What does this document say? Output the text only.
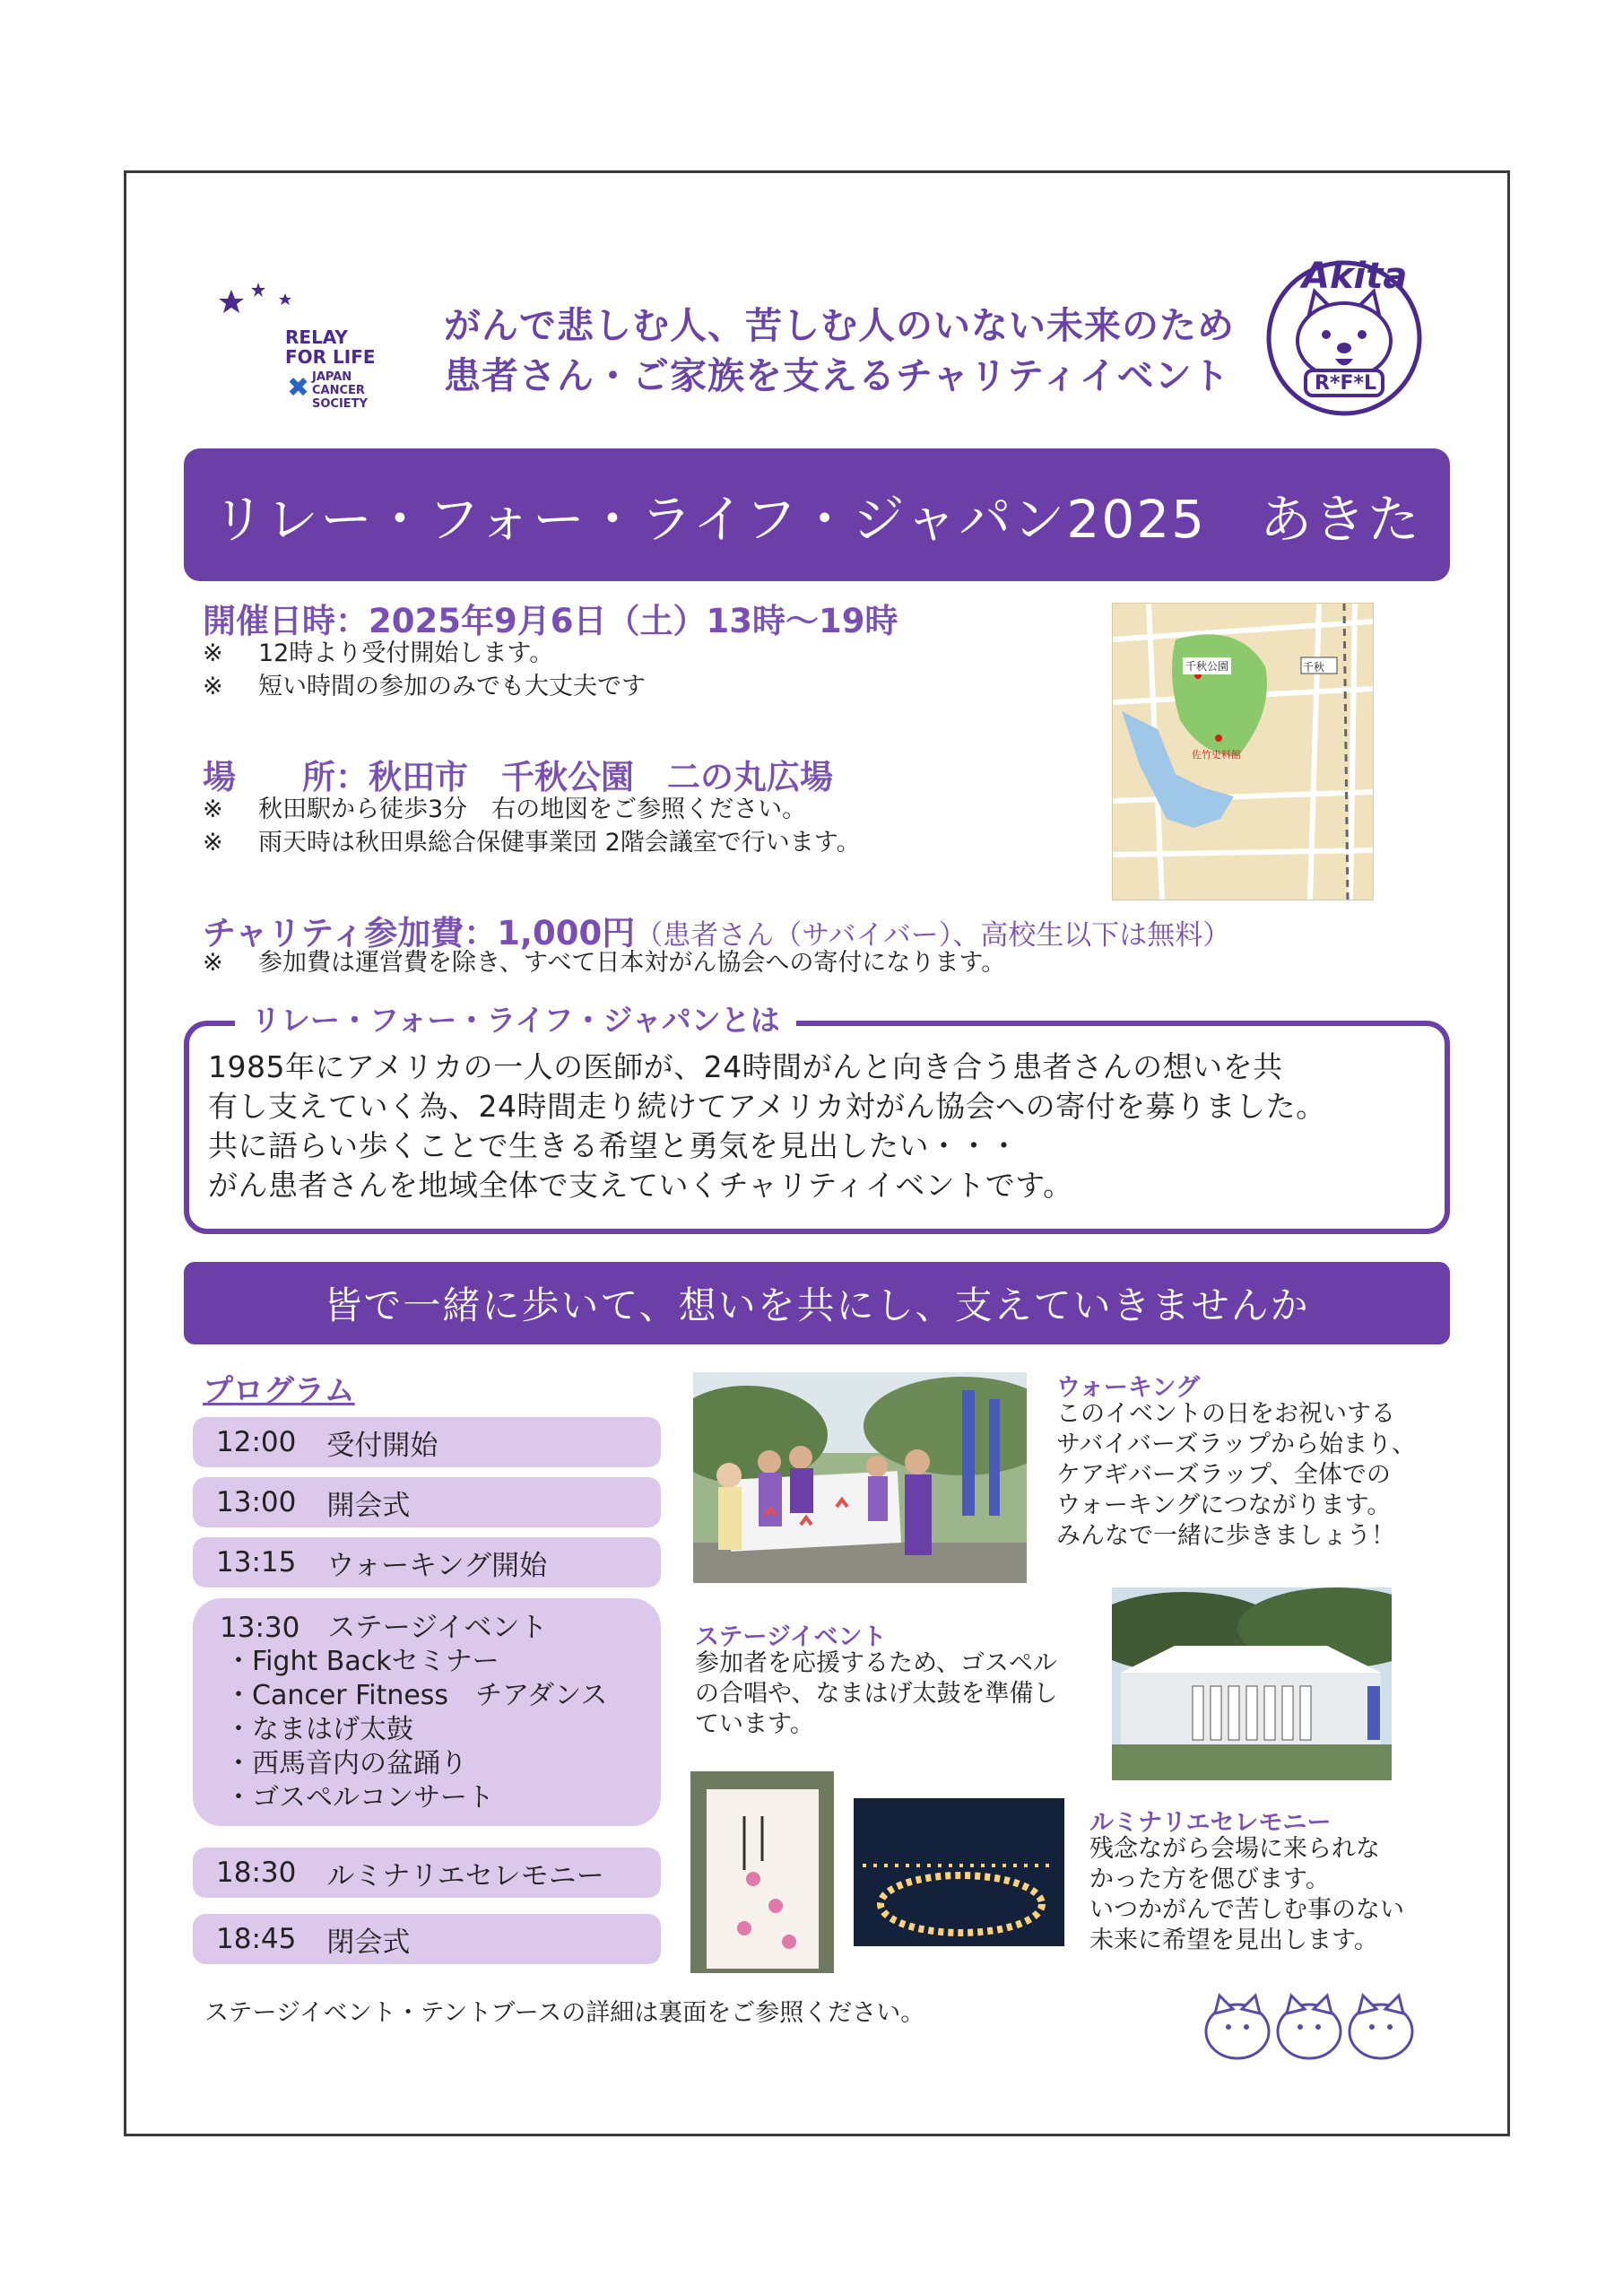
RELAY
FOR LIFE
JAPAN
CANCER
SOCIETY
✖
がんで悲しむ人、苦しむ人のいない未来のため
患者さん・ご家族を支えるチャリティイベント
Akita
R*F*L
リレー・フォー・ライフ・ジャパン2025　あきた
開催日時：2025年9月6日（土）13時～19時
※ 12時より受付開始します。
※ 短い時間の参加のみでも大丈夫です
場　　所：秋田市　千秋公園　二の丸広場
※ 秋田駅から徒歩3分　右の地図をご参照ください。
※ 雨天時は秋田県総合保健事業団 2階会議室で行います。
千秋公園	千秋
佐竹史料館
チャリティ参加費：1,000円（患者さん（サバイバー）、高校生以下は無料）
※ 参加費は運営費を除き、すべて日本対がん協会への寄付になります。
リレー・フォー・ライフ・ジャパンとは
1985年にアメリカの一人の医師が、24時間がんと向き合う患者さんの想いを共
有し支えていく為、24時間走り続けてアメリカ対がん協会への寄付を募りました。
共に語らい歩くことで生きる希望と勇気を見出したい・・・
がん患者さんを地域全体で支えていくチャリティイベントです。
皆で一緒に歩いて、想いを共にし、支えていきませんか
プログラム
12:00 受付開始
13:00 開会式
13:15 ウォーキング開始
13:30　 ステージイベント
・Fight Backセミナー
・Cancer Fitness　チアダンス
・なまはげ太鼓
・西馬音内の盆踊り
・ゴスペルコンサート
18:30 ルミナリエセレモニー
18:45 閉会式
ウォーキング
このイベントの日をお祝いする
サバイバーズラップから始まり、
ケアギバーズラップ、全体での
ウォーキングにつながります。
みんなで一緒に歩きましょう！
ステージイベント
参加者を応援するため、ゴスペル
の合唱や、なまはげ太鼓を準備し
ています。
ルミナリエセレモニー
残念ながら会場に来られな
かった方を偲びます。
いつかがんで苦しむ事のない
未来に希望を見出します。
ステージイベント・テントブースの詳細は裏面をご参照ください。
